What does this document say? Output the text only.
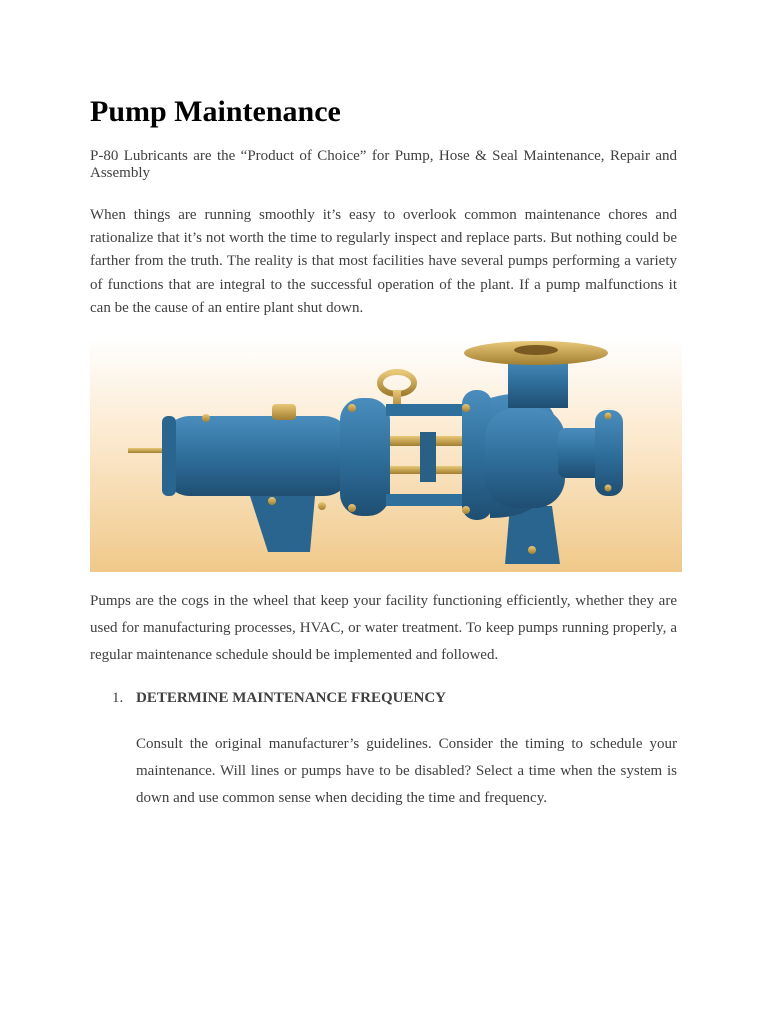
Pump Maintenance

P-80 Lubricants are the “Product of Choice” for Pump, Hose & Seal Maintenance, Repair and Assembly

When things are running smoothly it’s easy to overlook common maintenance chores and rationalize that it’s not worth the time to regularly inspect and replace parts. But nothing could be farther from the truth. The reality is that most facilities have several pumps performing a variety of functions that are integral to the successful operation of the plant. If a pump malfunctions it can be the cause of an entire plant shut down.

Pumps are the cogs in the wheel that keep your facility functioning efficiently, whether they are used for manufacturing processes, HVAC, or water treatment. To keep pumps running properly, a regular maintenance schedule should be implemented and followed.

1. DETERMINE MAINTENANCE FREQUENCY

Consult the original manufacturer’s guidelines. Consider the timing to schedule your maintenance. Will lines or pumps have to be disabled? Select a time when the system is down and use common sense when deciding the time and frequency.
